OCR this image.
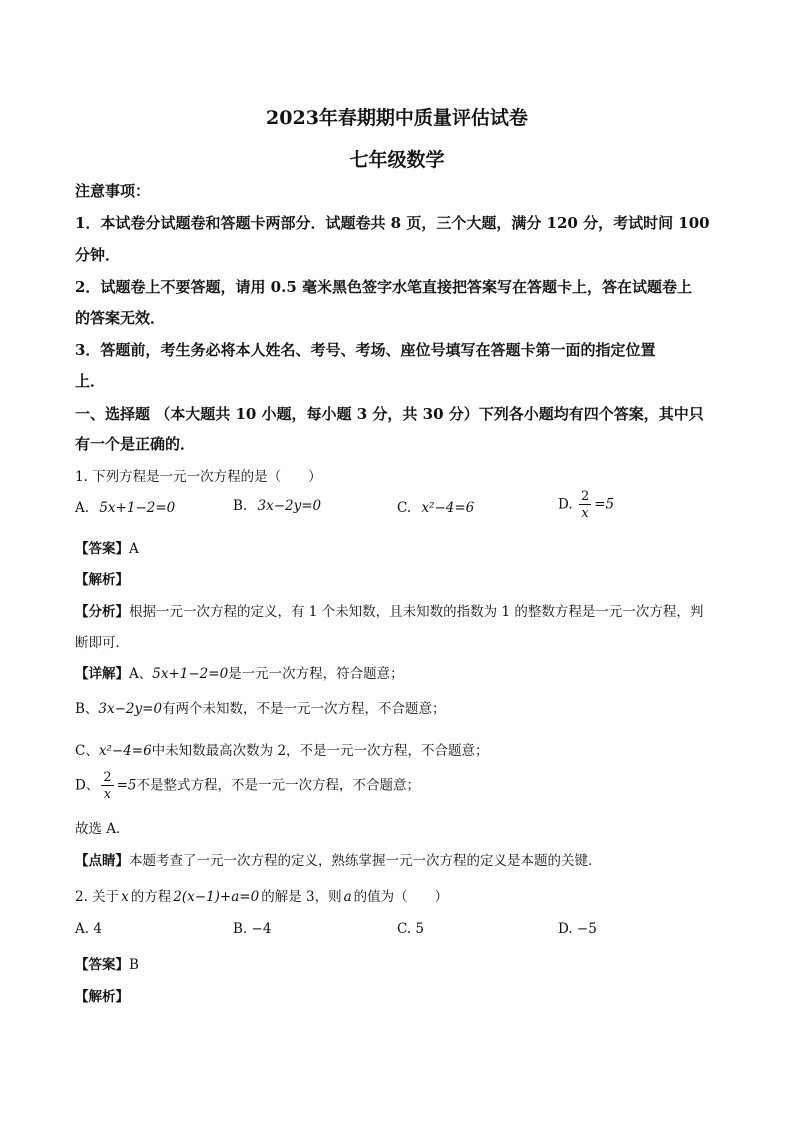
2023年春期期中质量评估试卷
七年级数学
注意事项：
1．本试卷分试题卷和答题卡两部分．试题卷共 8 页，三个大题，满分 120 分，考试时间 100
分钟．
2．试题卷上不要答题，请用 0.5 毫米黑色签字水笔直接把答案写在答题卡上，答在试题卷上
的答案无效．
3．答题前，考生务必将本人姓名、考号、考场、座位号填写在答题卡第一面的指定位置
上．
一、选择题 （本大题共 10 小题，每小题 3 分，共 30 分）下列各小题均有四个答案，其中只
有一个是正确的．
1. 下列方程是一元一次方程的是（　　）
A. 5x+1−2=0	B. 3x−2y=0	C. x²−4=6	D. $\frac{2}{x} =5$
【答案】A
【解析】
【分析】根据一元一次方程的定义，有 1 个未知数，且未知数的指数为 1 的整数方程是一元一次方程，判
断即可．
【详解】A、5x+1−2=0是一元一次方程，符合题意；
B、3x−2y=0有两个未知数，不是一元一次方程，不合题意；
C、x²−4=6中未知数最高次数为 2，不是一元一次方程，不合题意；
D、 $\frac{2}{x} =5$不是整式方程，不是一元一次方程，不合题意；
故选 A．
【点睛】本题考查了一元一次方程的定义，熟练掌握一元一次方程的定义是本题的关键．
2. 关于 x 的方程 2(x−1)+a=0 的解是 3，则 a 的值为（　　）
A. 4	B. −4	C. 5	D. −5
【答案】B
【解析】
